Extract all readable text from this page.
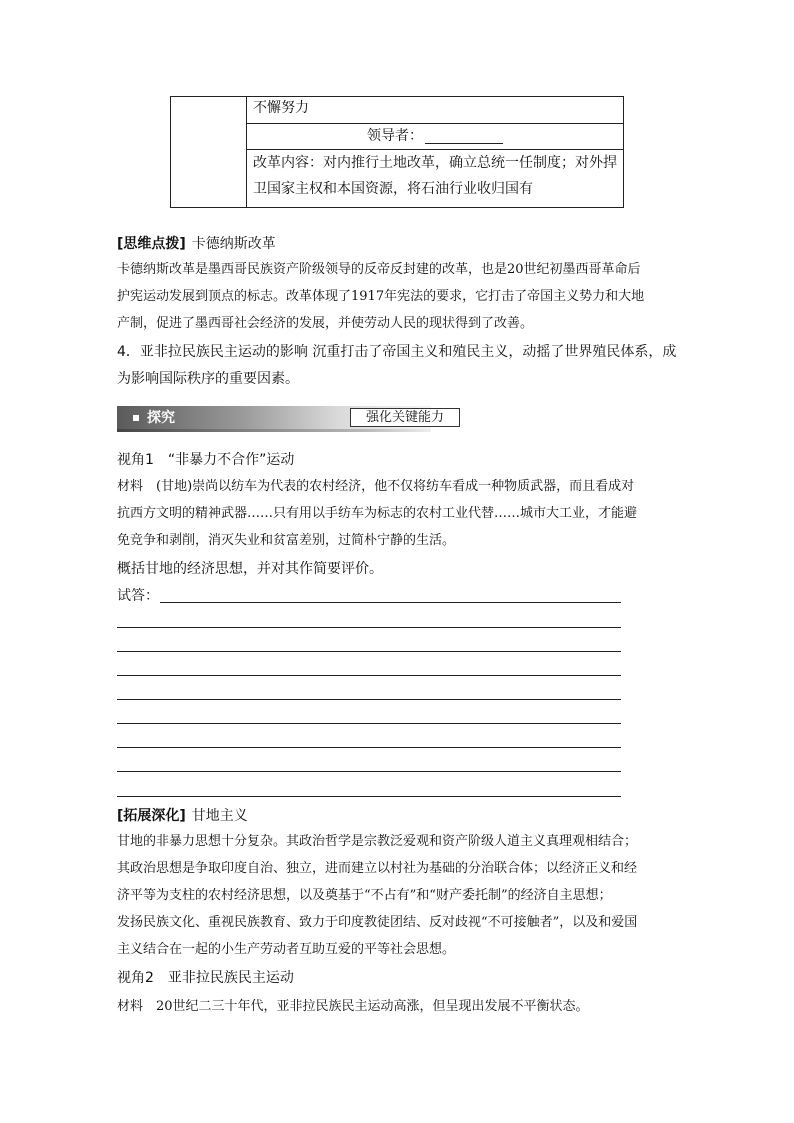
不懈努力
领导者：
改革内容：对内推行土地改革，确立总统一任制度；对外捍卫国家主权和本国资源，将石油行业收归国有
[思维点拨] 卡德纳斯改革
卡德纳斯改革是墨西哥民族资产阶级领导的反帝反封建的改革，也是20世纪初墨西哥革命后
护宪运动发展到顶点的标志。改革体现了1917年宪法的要求，它打击了帝国主义势力和大地
产制，促进了墨西哥社会经济的发展，并使劳动人民的现状得到了改善。
4．亚非拉民族民主运动的影响 沉重打击了帝国主义和殖民主义，动摇了世界殖民体系，成
为影响国际秩序的重要因素。
探究	强化关键能力
视角1　“非暴力不合作”运动
材料　(甘地)崇尚以纺车为代表的农村经济，他不仅将纺车看成一种物质武器，而且看成对
抗西方文明的精神武器……只有用以手纺车为标志的农村工业代替……城市大工业，才能避
免竞争和剥削，消灭失业和贫富差别，过简朴宁静的生活。
概括甘地的经济思想，并对其作简要评价。
试答：
[拓展深化] 甘地主义
甘地的非暴力思想十分复杂。其政治哲学是宗教泛爱观和资产阶级人道主义真理观相结合；
其政治思想是争取印度自治、独立，进而建立以村社为基础的分治联合体；以经济正义和经
济平等为支柱的农村经济思想，以及奠基于“不占有”和“财产委托制”的经济自主思想；
发扬民族文化、重视民族教育、致力于印度教徒团结、反对歧视“不可接触者”，以及和爱国
主义结合在一起的小生产劳动者互助互爱的平等社会思想。
视角2　亚非拉民族民主运动
材料　20世纪二三十年代，亚非拉民族民主运动高涨，但呈现出发展不平衡状态。
